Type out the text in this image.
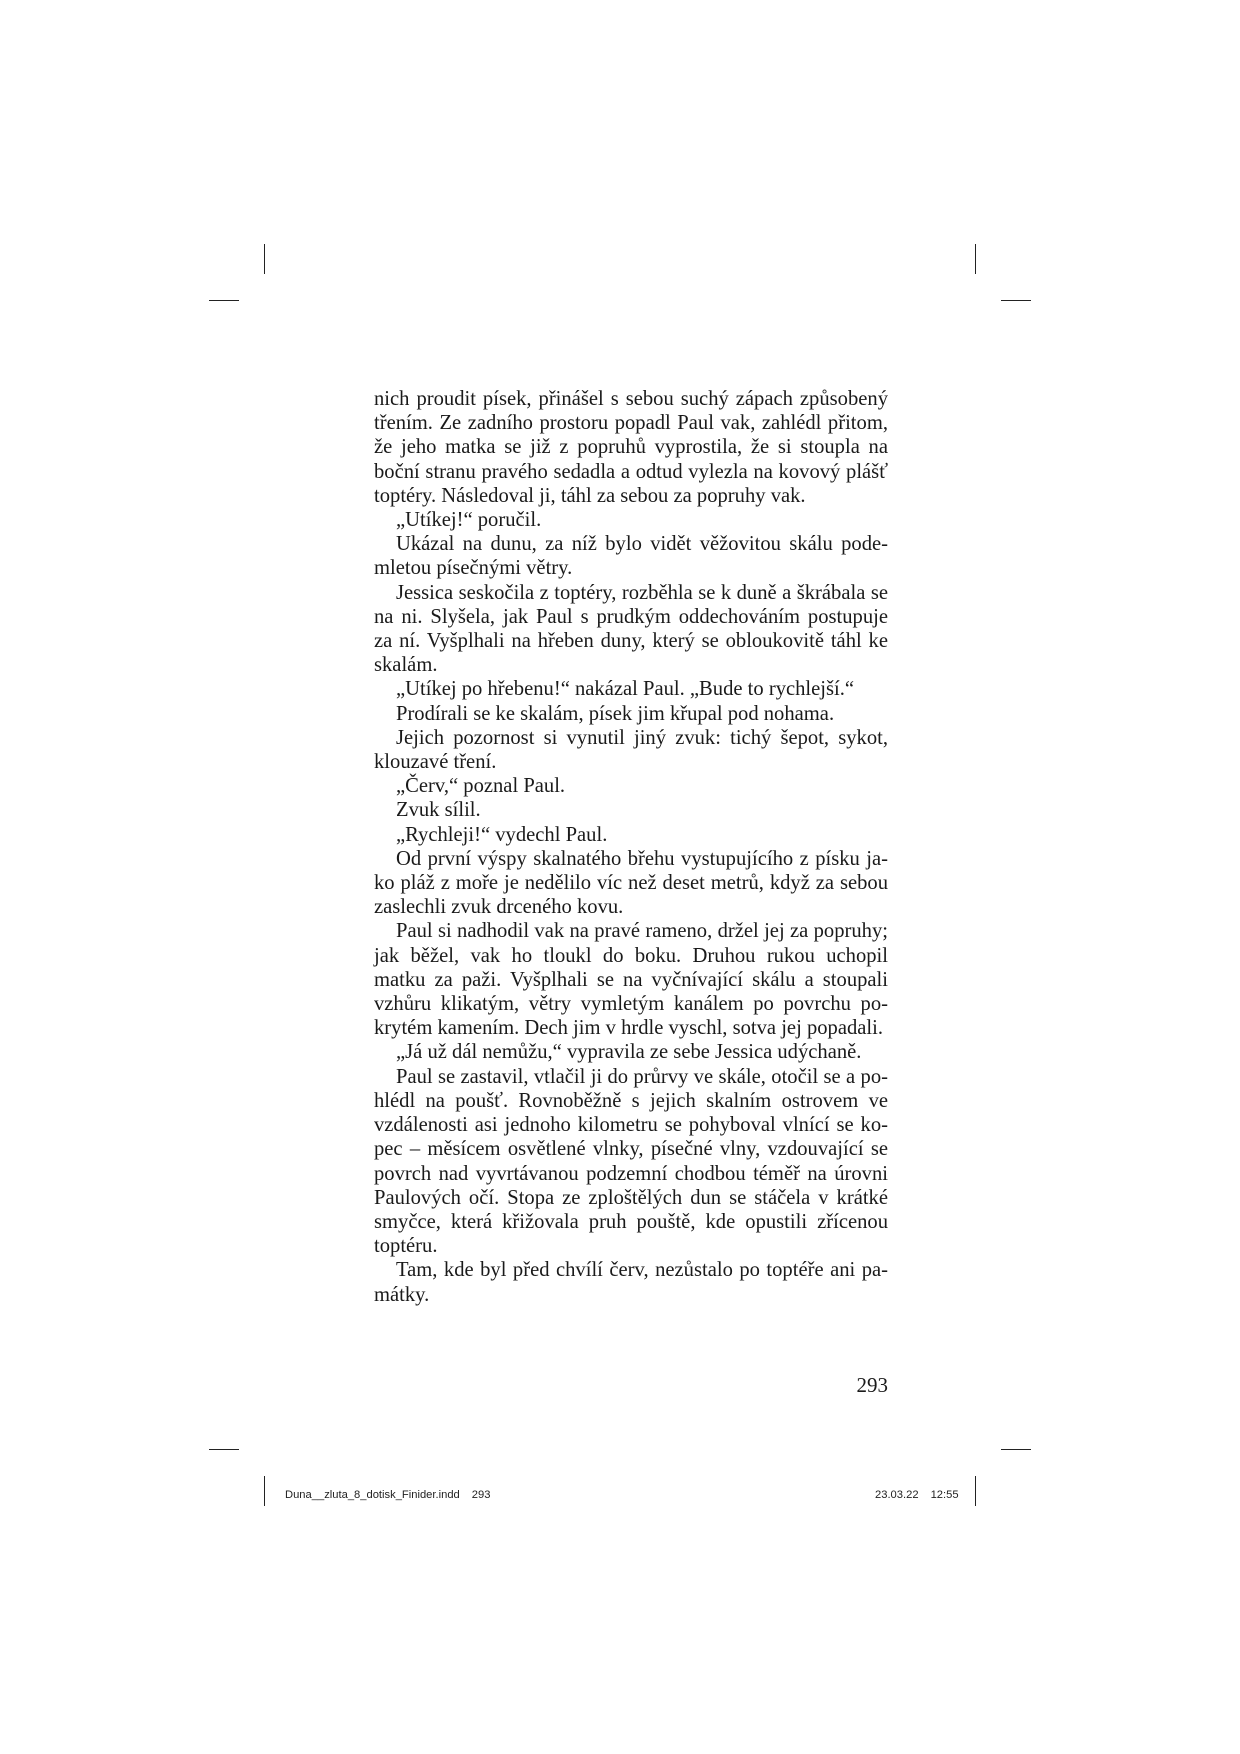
nich proudit písek, přinášel s sebou suchý zápach způsobený třením. Ze zadního prostoru popadl Paul vak, zahlédl přitom, že jeho matka se již z popruhů vyprostila, že si stoupla na boční stranu pravého sedadla a odtud vylezla na kovový plášť toptéry. Následoval ji, táhl za sebou za popruhy vak.

„Utíkej!“ poručil.

Ukázal na dunu, za níž bylo vidět věžovitou skálu podemletou písečnými větry.

Jessica seskočila z toptéry, rozběhla se k duně a škrábala se na ni. Slyšela, jak Paul s prudkým oddechováním postupuje za ní. Vyšplhali na hřeben duny, který se obloukovitě táhl ke skalám.

„Utíkej po hřebenu!“ nakázal Paul. „Bude to rychlejší.“

Prodírali se ke skalám, písek jim křupal pod nohama.

Jejich pozornost si vynutil jiný zvuk: tichý šepot, sykot, klouzavé tření.

„Červ,“ poznal Paul.

Zvuk sílil.

„Rychleji!“ vydechl Paul.

Od první výspy skalnatého břehu vystupujícího z písku jako pláž z moře je nedělilo víc než deset metrů, když za sebou zaslechli zvuk drceného kovu.

Paul si nadhodil vak na pravé rameno, držel jej za popruhy; jak běžel, vak ho tloukl do boku. Druhou rukou uchopil matku za paži. Vyšplhali se na vyčnívající skálu a stoupali vzhůru klikatým, větry vymletým kanálem po povrchu pokrytém kamením. Dech jim v hrdle vyschl, sotva jej popadali.

„Já už dál nemůžu,“ vypravila ze sebe Jessica udýchaně.

Paul se zastavil, vtlačil ji do průrvy ve skále, otočil se a pohlédl na poušť. Rovnoběžně s jejich skalním ostrovem ve vzdálenosti asi jednoho kilometru se pohyboval vlnící se kopec – měsícem osvětlené vlnky, písečné vlny, vzdouvající se povrch nad vyvrtávanou podzemní chodbou téměř na úrovni Paulových očí. Stopa ze zploštělých dun se stáčela v krátké smyčce, která křižovala pruh pouště, kde opustili zřícenou toptéru.

Tam, kde byl před chvílí červ, nezůstalo po toptéře ani památky.

293
Duna__zluta_8_dotisk_Finider.indd 293	23.03.22 12:55
